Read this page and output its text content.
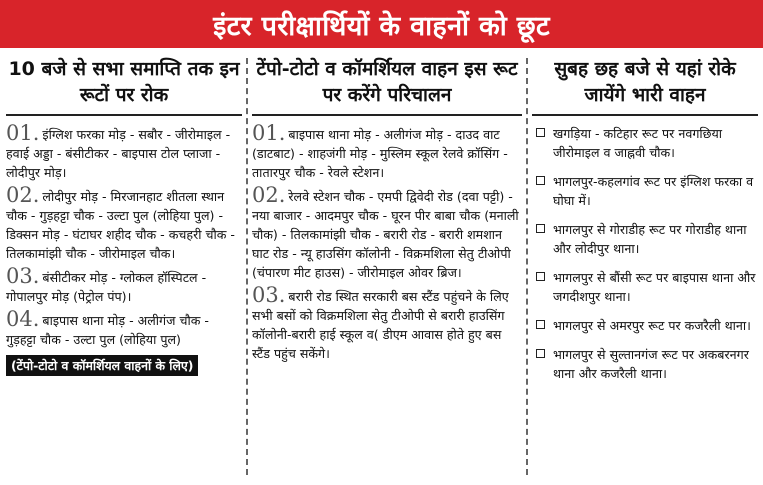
इंटर परीक्षार्थियों के वाहनों को छूट
10 बजे से सभा समाप्ति तक इन रूटों पर रोक
01. इंग्लिश फरका मोड़ - सबौर - जीरोमाइल - हवाई अड्डा - बंसीटीकर - बाइपास टोल प्लाजा - लोदीपुर मोड़।
02. लोदीपुर मोड़ - मिरजानहाट शीतला स्थान चौक - गुड़हट्टा चौक - उल्टा पुल (लोहिया पुल) - डिक्सन मोड़ - घंटाघर शहीद चौक - कचहरी चौक - तिलकामांझी चौक - जीरोमाइल चौक।
03. बंसीटीकर मोड़ - ग्लोकल हॉस्पिटल - गोपालपुर मोड़ (पेट्रोल पंप)।
04. बाइपास थाना मोड़ - अलीगंज चौक - गुड़हट्टा चौक - उल्टा पुल (लोहिया पुल)
(टेंपो-टोटो व कॉमर्शियल वाहनों के लिए)
टेंपो-टोटो व कॉमर्शियल वाहन इस रूट पर करेंगे परिचालन
01. बाइपास थाना मोड़ - अलीगंज मोड़ - दाउद वाट (डाटबाट) - शाहजंगी मोड़ - मुस्लिम स्कूल रेलवे क्रॉसिंग - तातारपुर चौक - रेवले स्टेशन।
02. रेलवे स्टेशन चौक - एमपी द्विवेदी रोड (दवा पट्टी) - नया बाजार - आदमपुर चौक - घूरन पीर बाबा चौक (मनाली चौक) - तिलकामांझी चौक - बरारी रोड - बरारी शमशान घाट रोड - न्यू हाउसिंग कॉलोनी - विक्रमशिला सेतु टीओपी (चंपारण मीट हाउस) - जीरोमाइल ओवर ब्रिज।
03. बरारी रोड स्थित सरकारी बस स्टैंड पहुंचने के लिए सभी बसों को विक्रमशिला सेतु टीओपी से बरारी हाउसिंग कॉलोनी-बरारी हाई स्कूल व( डीएम आवास होते हुए बस स्टैंड पहुंच सकेंगे।
सुबह छह बजे से यहां रोके जायेंगे भारी वाहन
खगड़िया - कटिहार रूट पर नवगछिया जीरोमाइल व जाह्नवी चौक।
भागलपुर-कहलगांव रूट पर इंग्लिश फरका व घोघा में।
भागलपुर से गोराडीह रूट पर गोराडीह थाना और लोदीपुर थाना।
भागलपुर से बौंसी रूट पर बाइपास थाना और जगदीशपुर थाना।
भागलपुर से अमरपुर रूट पर कजरैली थाना।
भागलपुर से सुल्तानगंज रूट पर अकबरनगर थाना और कजरैली थाना।
